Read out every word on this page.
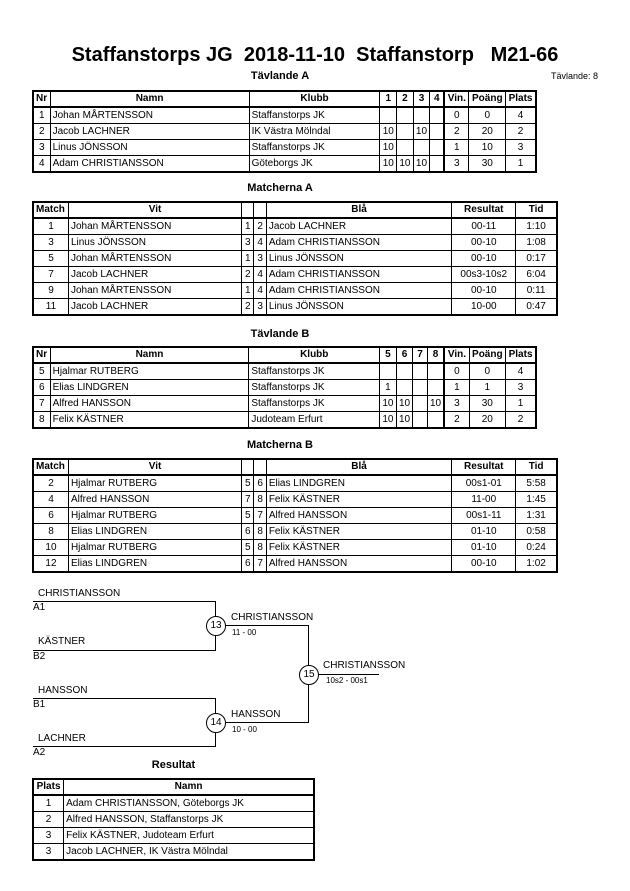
Staffanstorps JG  2018-11-10  Staffanstorp   M21-66
Tävlande: 8
Tävlande A
Nr	Namn	Klubb	1	2	3	4	Vin.	Poäng	Plats
1	Johan MÅRTENSSON	Staffanstorps JK					0	0	4
2	Jacob LACHNER	IK Västra Mölndal	10		10		2	20	2
3	Linus JÖNSSON	Staffanstorps JK	10				1	10	3
4	Adam CHRISTIANSSON	Göteborgs JK	10	10	10		3	30	1
Matcherna A
Match	Vit			Blå	Resultat	Tid
1	Johan MÅRTENSSON	1	2	Jacob LACHNER	00-11	1:10
3	Linus JÖNSSON	3	4	Adam CHRISTIANSSON	00-10	1:08
5	Johan MÅRTENSSON	1	3	Linus JÖNSSON	00-10	0:17
7	Jacob LACHNER	2	4	Adam CHRISTIANSSON	00s3-10s2	6:04
9	Johan MÅRTENSSON	1	4	Adam CHRISTIANSSON	00-10	0:11
11	Jacob LACHNER	2	3	Linus JÖNSSON	10-00	0:47
Tävlande B
Nr	Namn	Klubb	5	6	7	8	Vin.	Poäng	Plats
5	Hjalmar RUTBERG	Staffanstorps JK					0	0	4
6	Elias LINDGREN	Staffanstorps JK	1				1	1	3
7	Alfred HANSSON	Staffanstorps JK	10	10		10	3	30	1
8	Felix KÄSTNER	Judoteam Erfurt	10	10			2	20	2
Matcherna B
Match	Vit			Blå	Resultat	Tid
2	Hjalmar RUTBERG	5	6	Elias LINDGREN	00s1-01	5:58
4	Alfred HANSSON	7	8	Felix KÄSTNER	11-00	1:45
6	Hjalmar RUTBERG	5	7	Alfred HANSSON	00s1-11	1:31
8	Elias LINDGREN	6	8	Felix KÄSTNER	01-10	0:58
10	Hjalmar RUTBERG	5	8	Felix KÄSTNER	01-10	0:24
12	Elias LINDGREN	6	7	Alfred HANSSON	00-10	1:02
CHRISTIANSSON
A1
KÄSTNER
B2
13
CHRISTIANSSON
11 - 00
HANSSON
B1
LACHNER
A2
14
HANSSON
10 - 00
15
CHRISTIANSSON
10s2 - 00s1
Resultat
Plats	Namn
1	Adam CHRISTIANSSON, Göteborgs JK
2	Alfred HANSSON, Staffanstorps JK
3	Felix KÄSTNER, Judoteam Erfurt
3	Jacob LACHNER, IK Västra Mölndal
